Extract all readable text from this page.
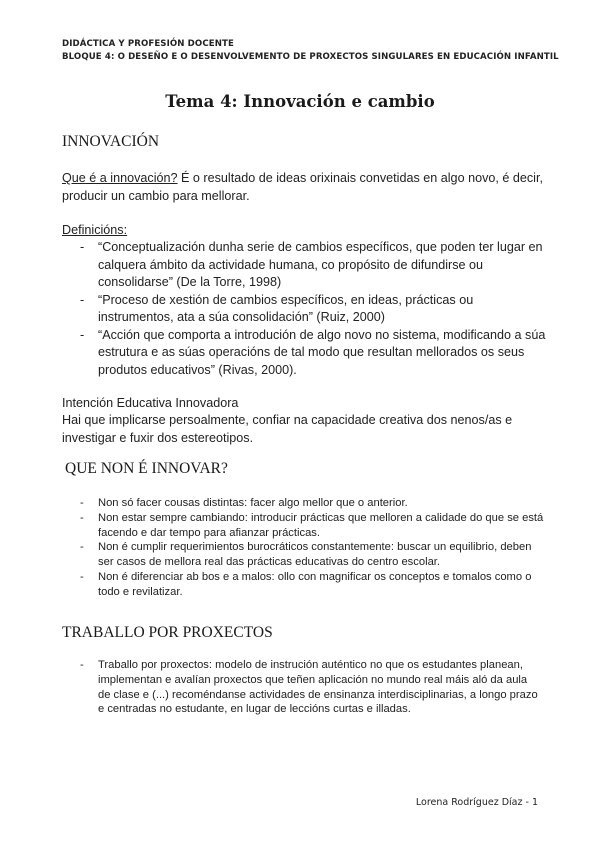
DIDÁCTICA Y PROFESIÓN DOCENTE
BLOQUE 4: O DESEÑO E O DESENVOLVEMENTO DE PROXECTOS SINGULARES EN EDUCACIÓN INFANTIL
Tema 4: Innovación e cambio
INNOVACIÓN

Que é a innovación? É o resultado de ideas orixinais convetidas en algo novo, é decir, producir un cambio para mellorar.

Definicións:
- “Conceptualización dunha serie de cambios específicos, que poden ter lugar en calquera ámbito da actividade humana, co propósito de difundirse ou consolidarse” (De la Torre, 1998)
- “Proceso de xestión de cambios específicos, en ideas, prácticas ou instrumentos, ata a súa consolidación” (Ruiz, 2000)
- “Acción que comporta a introdución de algo novo no sistema, modificando a súa estrutura e as súas operacións de tal modo que resultan mellorados os seus produtos educativos” (Rivas, 2000).
Intención Educativa Innovadora
Hai que implicarse persoalmente, confiar na capacidade creativa dos nenos/as e investigar e fuxir dos estereotipos.
QUE NON É INNOVAR?
- Non só facer cousas distintas: facer algo mellor que o anterior.
- Non estar sempre cambiando: introducir prácticas que melloren a calidade do que se está facendo e dar tempo para afianzar prácticas.
- Non é cumplir requerimientos burocráticos constantemente: buscar un equilibrio, deben ser casos de mellora real das prácticas educativas do centro escolar.
- Non é diferenciar ab bos e a malos: ollo con magnificar os conceptos e tomalos como o todo e revilatizar.
TRABALLO POR PROXECTOS
- Traballo por proxectos: modelo de instrución auténtico no que os estudantes planean, implementan e avalían proxectos que teñen aplicación no mundo real máis aló da aula de clase e (...) recoméndanse actividades de ensinanza interdisciplinarias, a longo prazo e centradas no estudante, en lugar de leccións curtas e illadas.
Lorena Rodríguez Díaz - 1
